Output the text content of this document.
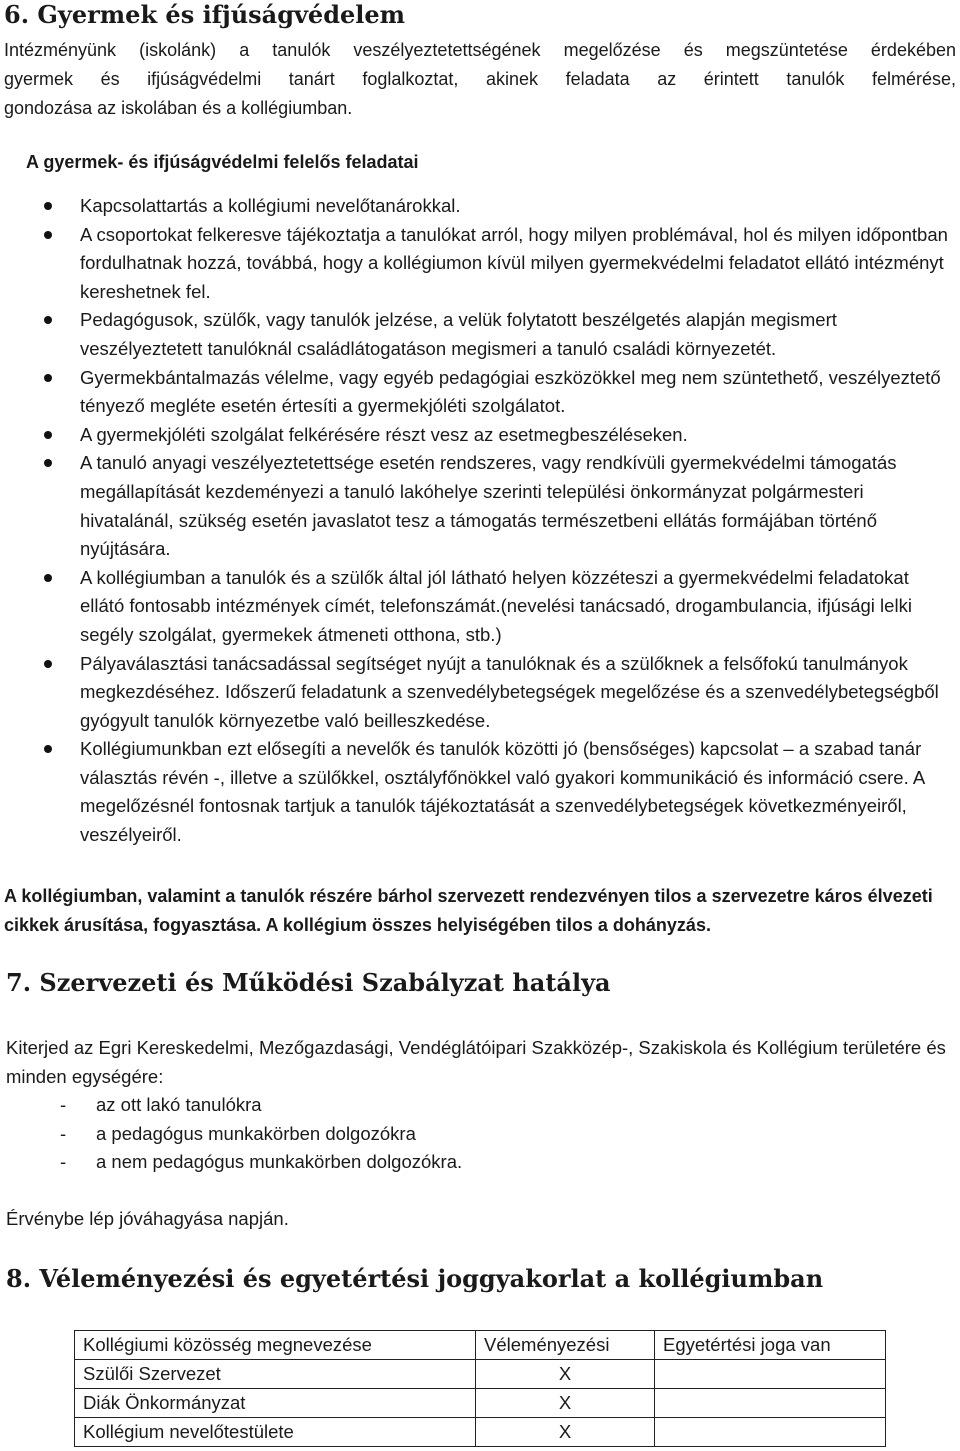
6. Gyermek és ifjúságvédelem
Intézményünk (iskolánk) a tanulók veszélyeztetettségének megelőzése és megszüntetése érdekében
gyermek és ifjúságvédelmi tanárt foglalkoztat, akinek feladata az érintett tanulók felmérése,
gondozása az iskolában és a kollégiumban.
A gyermek- és ifjúságvédelmi felelős feladatai
Kapcsolattartás a kollégiumi nevelőtanárokkal.
A csoportokat felkeresve tájékoztatja a tanulókat arról, hogy milyen problémával, hol és milyen időpontban fordulhatnak hozzá, továbbá, hogy a kollégiumon kívül milyen gyermekvédelmi feladatot ellátó intézményt kereshetnek fel.
Pedagógusok, szülők, vagy tanulók jelzése, a velük folytatott beszélgetés alapján megismert veszélyeztetett tanulóknál családlátogatáson megismeri a tanuló családi környezetét.
Gyermekbántalmazás vélelme, vagy egyéb pedagógiai eszközökkel meg nem szüntethető, veszélyeztető tényező megléte esetén értesíti a gyermekjóléti szolgálatot.
A gyermekjóléti szolgálat felkérésére részt vesz az esetmegbeszéléseken.
A tanuló anyagi veszélyeztetettsége esetén rendszeres, vagy rendkívüli gyermekvédelmi támogatás megállapítását kezdeményezi a tanuló lakóhelye szerinti települési önkormányzat polgármesteri hivatalánál, szükség esetén javaslatot tesz a támogatás természetbeni ellátás formájában történő nyújtására.
A kollégiumban a tanulók és a szülők által jól látható helyen közzéteszi a gyermekvédelmi feladatokat ellátó fontosabb intézmények címét, telefonszámát.(nevelési tanácsadó, drogambulancia, ifjúsági lelki segély szolgálat, gyermekek átmeneti otthona, stb.)
Pályaválasztási tanácsadással segítséget nyújt a tanulóknak és a szülőknek a felsőfokú tanulmányok megkezdéséhez. Időszerű feladatunk a szenvedélybetegségek megelőzése és a szenvedélybetegségből gyógyult tanulók környezetbe való beilleszkedése.
Kollégiumunkban ezt elősegíti a nevelők és tanulók közötti jó (bensőséges) kapcsolat – a szabad tanár választás révén -, illetve a szülőkkel, osztályfőnökkel való gyakori kommunikáció és információ csere. A megelőzésnél fontosnak tartjuk a tanulók tájékoztatását a szenvedélybetegségek következményeiről, veszélyeiről.

A kollégiumban, valamint a tanulók részére bárhol szervezett rendezvényen tilos a szervezetre káros élvezeti cikkek árusítása, fogyasztása. A kollégium összes helyiségében tilos a dohányzás.

7. Szervezeti és Működési Szabályzat hatálya

Kiterjed az Egri Kereskedelmi, Mezőgazdasági, Vendéglátóipari Szakközép-, Szakiskola és Kollégium területére és minden egységére:

- az ott lakó tanulókra
- a pedagógus munkakörben dolgozókra
- a nem pedagógus munkakörben dolgozókra.

Érvénybe lép jóváhagyása napján.

8. Véleményezési és egyetértési joggyakorlat a kollégiumban
Kollégiumi közösség megnevezése	Véleményezési	Egyetértési joga van
Szülői Szervezet	X	
Diák Önkormányzat	X	
Kollégium nevelőtestülete	X	
